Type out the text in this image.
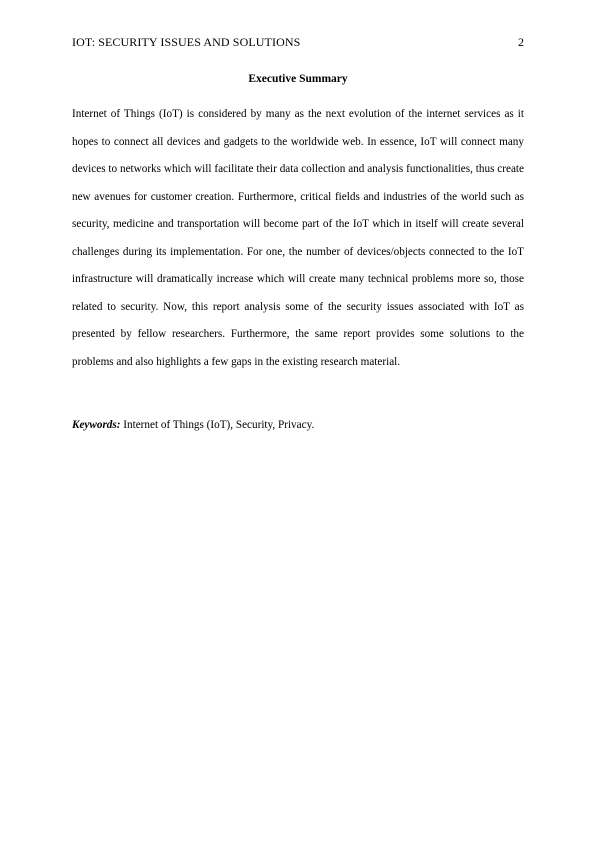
IOT: SECURITY ISSUES AND SOLUTIONS	2
Executive Summary

Internet of Things (IoT) is considered by many as the next evolution of the internet services as it hopes to connect all devices and gadgets to the worldwide web. In essence, IoT will connect many devices to networks which will facilitate their data collection and analysis functionalities, thus create new avenues for customer creation. Furthermore, critical fields and industries of the world such as security, medicine and transportation will become part of the IoT which in itself will create several challenges during its implementation. For one, the number of devices/objects connected to the IoT infrastructure will dramatically increase which will create many technical problems more so, those related to security. Now, this report analysis some of the security issues associated with IoT as presented by fellow researchers. Furthermore, the same report provides some solutions to the problems and also highlights a few gaps in the existing research material.

Keywords: Internet of Things (IoT), Security, Privacy.
